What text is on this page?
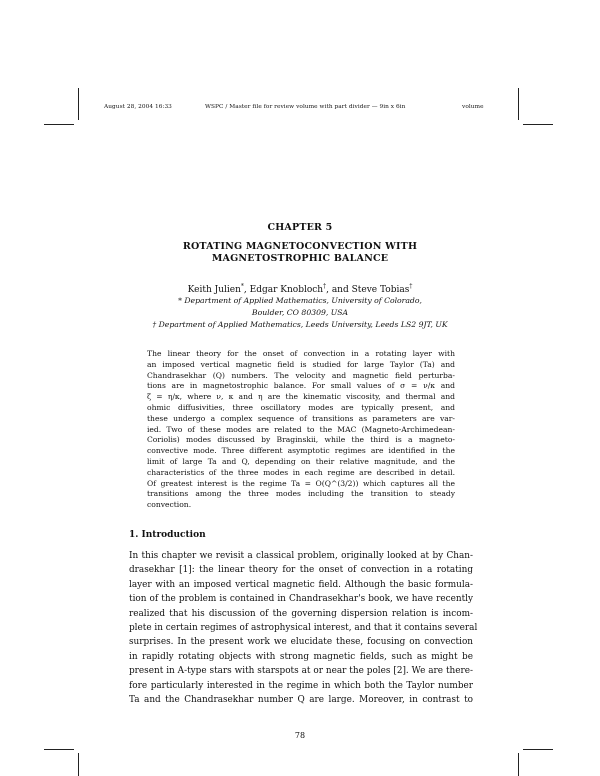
August 28, 2004 16:33	WSPC / Master file for review volume with part divider — 9in x 6in	volume
CHAPTER 5
ROTATING MAGNETOCONVECTION WITH
MAGNETOSTROPHIC BALANCE
Keith Julien*, Edgar Knobloch†, and Steve Tobias†
* Department of Applied Mathematics, University of Colorado,
Boulder, CO 80309, USA
† Department of Applied Mathematics, Leeds University, Leeds LS2 9JT, UK
The linear theory for the onset of convection in a rotating layer with
an imposed vertical magnetic field is studied for large Taylor (Ta) and
Chandrasekhar (Q) numbers. The velocity and magnetic field perturba-
tions are in magnetostrophic balance. For small values of σ = ν/κ and
ζ = η/κ, where ν, κ and η are the kinematic viscosity, and thermal and
ohmic diffusivities, three oscillatory modes are typically present, and
these undergo a complex sequence of transitions as parameters are var-
ied. Two of these modes are related to the MAC (Magneto-Archimedean-
Coriolis) modes discussed by Braginskii, while the third is a magneto-
convective mode. Three different asymptotic regimes are identified in the
limit of large Ta and Q, depending on their relative magnitude, and the
characteristics of the three modes in each regime are described in detail.
Of greatest interest is the regime Ta = O(Q^(3/2)) which captures all the
transitions among the three modes including the transition to steady
convection.
1. Introduction
In this chapter we revisit a classical problem, originally looked at by Chan-
drasekhar [1]: the linear theory for the onset of convection in a rotating
layer with an imposed vertical magnetic field. Although the basic formula-
tion of the problem is contained in Chandrasekhar's book, we have recently
realized that his discussion of the governing dispersion relation is incom-
plete in certain regimes of astrophysical interest, and that it contains several
surprises. In the present work we elucidate these, focusing on convection
in rapidly rotating objects with strong magnetic fields, such as might be
present in A-type stars with starspots at or near the poles [2]. We are there-
fore particularly interested in the regime in which both the Taylor number
Ta and the Chandrasekhar number Q are large. Moreover, in contrast to
78
